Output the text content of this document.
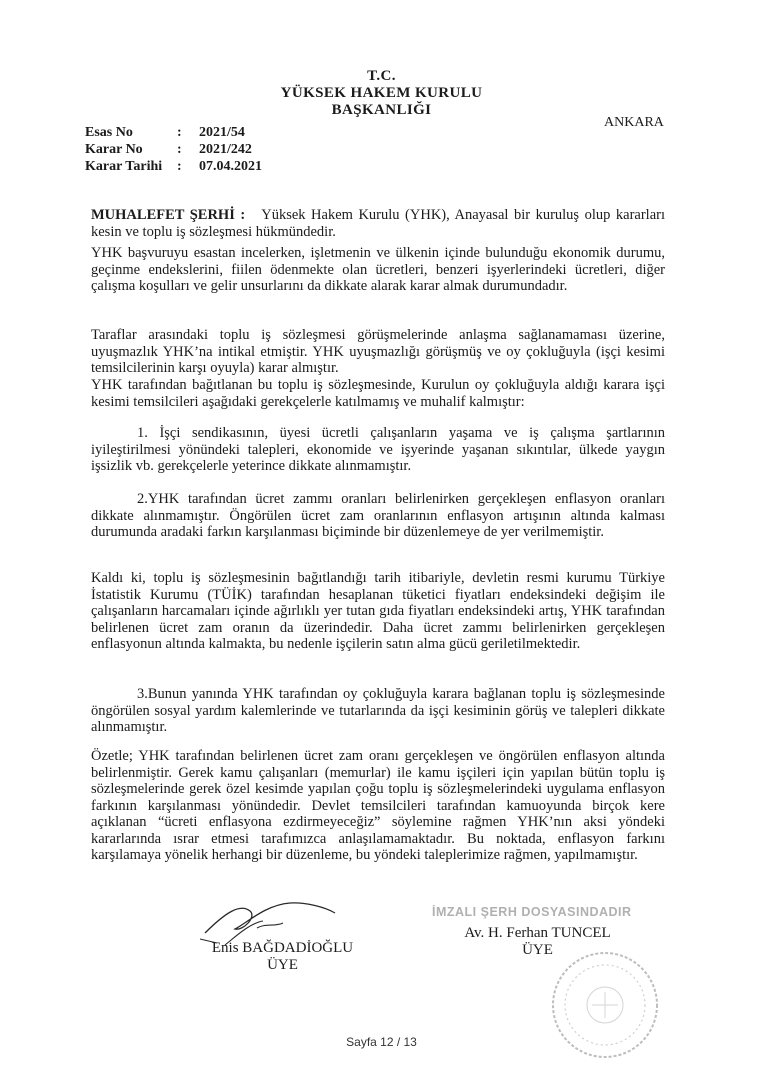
T.C.
YÜKSEK HAKEM KURULU
BAŞKANLIĞI
ANKARA
Esas No	: 2021/54
Karar No	: 2021/242
Karar Tarihi	: 07.04.2021

MUHALEFET ŞERHİ : Yüksek Hakem Kurulu (YHK), Anayasal bir kuruluş olup kararları kesin ve toplu iş sözleşmesi hükmündedir.

YHK başvuruyu esastan incelerken, işletmenin ve ülkenin içinde bulunduğu ekonomik durumu, geçinme endekslerini, fiilen ödenmekte olan ücretleri, benzeri işyerlerindeki ücretleri, diğer çalışma koşulları ve gelir unsurlarını da dikkate alarak karar almak durumundadır.
Taraflar arasındaki toplu iş sözleşmesi görüşmelerinde anlaşma sağlanamaması üzerine, uyuşmazlık YHK’na intikal etmiştir. YHK uyuşmazlığı görüşmüş ve oy çokluğuyla (işçi kesimi temsilcilerinin karşı oyuyla) karar almıştır.
YHK tarafından bağıtlanan bu toplu iş sözleşmesinde, Kurulun oy çokluğuyla aldığı karara işçi kesimi temsilcileri aşağıdaki gerekçelerle katılmamış ve muhalif kalmıştır:
1. İşçi sendikasının, üyesi ücretli çalışanların yaşama ve iş çalışma şartlarının iyileştirilmesi yönündeki talepleri, ekonomide ve işyerinde yaşanan sıkıntılar, ülkede yaygın işsizlik vb. gerekçelerle yeterince dikkate alınmamıştır.
2.YHK tarafından ücret zammı oranları belirlenirken gerçekleşen enflasyon oranları dikkate alınmamıştır. Öngörülen ücret zam oranlarının enflasyon artışının altında kalması durumunda aradaki farkın karşılanması biçiminde bir düzenlemeye de yer verilmemiştir.
Kaldı ki, toplu iş sözleşmesinin bağıtlandığı tarih itibariyle, devletin resmi kurumu Türkiye İstatistik Kurumu (TÜİK) tarafından hesaplanan tüketici fiyatları endeksindeki değişim ile çalışanların harcamaları içinde ağırlıklı yer tutan gıda fiyatları endeksindeki artış, YHK tarafından belirlenen ücret zam oranın da üzerindedir. Daha ücret zammı belirlenirken gerçekleşen enflasyonun altında kalmakta, bu nedenle işçilerin satın alma gücü geriletilmektedir.
3.Bunun yanında YHK tarafından oy çokluğuyla karara bağlanan toplu iş sözleşmesinde öngörülen sosyal yardım kalemlerinde ve tutarlarında da işçi kesiminin görüş ve talepleri dikkate alınmamıştır.
Özetle; YHK tarafından belirlenen ücret zam oranı gerçekleşen ve öngörülen enflasyon altında belirlenmiştir. Gerek kamu çalışanları (memurlar) ile kamu işçileri için yapılan bütün toplu iş sözleşmelerinde gerek özel kesimde yapılan çoğu toplu iş sözleşmelerindeki uygulama enflasyon farkının karşılanması yönündedir. Devlet temsilcileri tarafından kamuoyunda birçok kere açıklanan “ücreti enflasyona ezdirmeyeceğiz” söylemine rağmen YHK’nın aksi yöndeki kararlarında ısrar etmesi tarafımızca anlaşılamamaktadır. Bu noktada, enflasyon farkını karşılamaya yönelik herhangi bir düzenleme, bu yöndeki taleplerimize rağmen, yapılmamıştır.
Enis BAĞDADİOĞLU
ÜYE
İMZALI ŞERH DOSYASINDADIR
Av. H. Ferhan TUNCEL
ÜYE
Sayfa 12 / 13
